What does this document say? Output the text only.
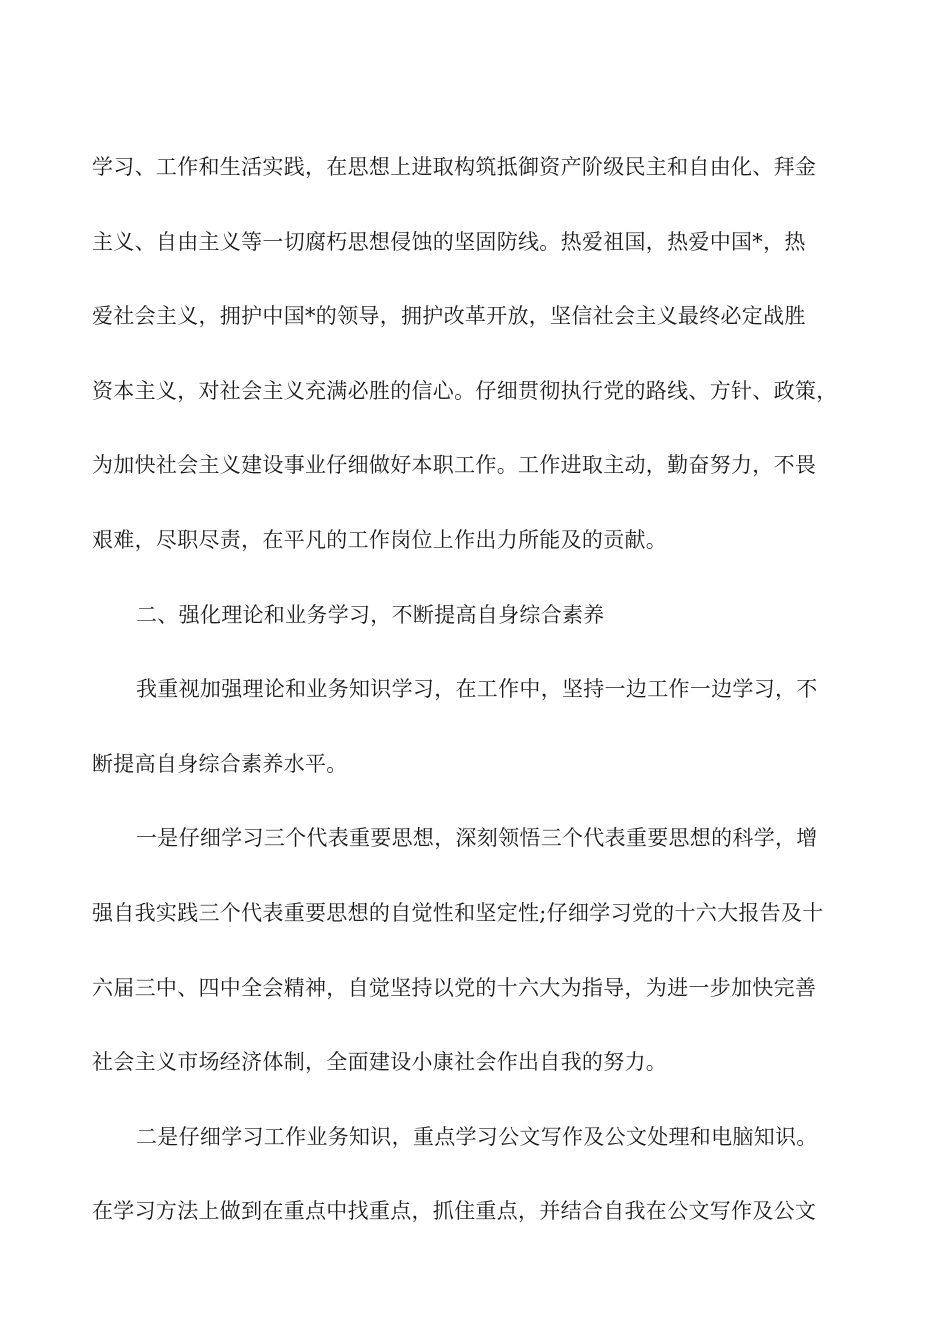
学习、工作和生活实践，在思想上进取构筑抵御资产阶级民主和自由化、拜金
主义、自由主义等一切腐朽思想侵蚀的坚固防线。热爱祖国，热爱中国*，热
爱社会主义，拥护中国*的领导，拥护改革开放，坚信社会主义最终必定战胜
资本主义，对社会主义充满必胜的信心。仔细贯彻执行党的路线、方针、政策，
为加快社会主义建设事业仔细做好本职工作。工作进取主动，勤奋努力，不畏
艰难，尽职尽责，在平凡的工作岗位上作出力所能及的贡献。
二、强化理论和业务学习，不断提高自身综合素养
我重视加强理论和业务知识学习，在工作中，坚持一边工作一边学习，不
断提高自身综合素养水平。
一是仔细学习三个代表重要思想，深刻领悟三个代表重要思想的科学，增
强自我实践三个代表重要思想的自觉性和坚定性;仔细学习党的十六大报告及十
六届三中、四中全会精神，自觉坚持以党的十六大为指导，为进一步加快完善
社会主义市场经济体制，全面建设小康社会作出自我的努力。
二是仔细学习工作业务知识，重点学习公文写作及公文处理和电脑知识。
在学习方法上做到在重点中找重点，抓住重点，并结合自我在公文写作及公文
